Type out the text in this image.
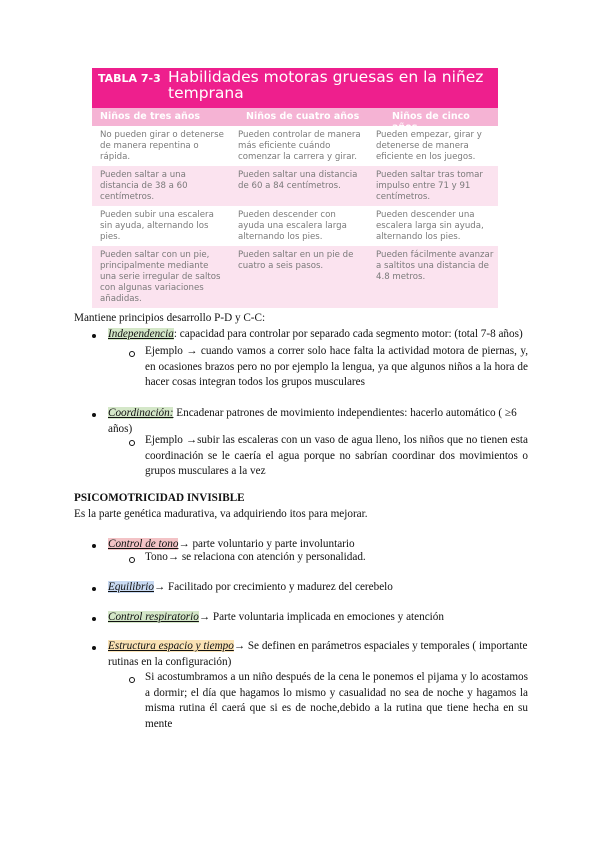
TABLA 7-3 Habilidades motoras gruesas en la niñez temprana
Niños de tres años	Niños de cuatro años	Niños de cinco años
No pueden girar o detenerse de manera repentina o rápida.
Pueden controlar de manera más eficiente cuándo comenzar la carrera y girar.
Pueden empezar, girar y detenerse de manera eficiente en los juegos.
Pueden saltar a una distancia de 38 a 60 centímetros.
Pueden saltar una distancia de 60 a 84 centímetros.
Pueden saltar tras tomar impulso entre 71 y 91 centímetros.
Pueden subir una escalera sin ayuda, alternando los pies.
Pueden descender con ayuda una escalera larga alternando los pies.
Pueden descender una escalera larga sin ayuda, alternando los pies.
Pueden saltar con un pie, principalmente mediante una serie irregular de saltos con algunas variaciones añadidas.
Pueden saltar en un pie de cuatro a seis pasos.
Pueden fácilmente avanzar a saltitos una distancia de 4.8 metros.
Mantiene principios desarrollo P-D y C-C:
Independencia: capacidad para controlar por separado cada segmento motor: (total 7-8 años)
Ejemplo → cuando vamos a correr solo hace falta la actividad motora de piernas, y, en ocasiones brazos pero no por ejemplo la lengua, ya que algunos niños a la hora de hacer cosas integran todos los grupos musculares
Coordinación: Encadenar patrones de movimiento independientes: hacerlo automático ( ≥6 años)
Ejemplo →subir las escaleras con un vaso de agua lleno, los niños que no tienen esta coordinación se le caería el agua porque no sabrían coordinar dos movimientos o grupos musculares a la vez
PSICOMOTRICIDAD INVISIBLE
Es la parte genética madurativa, va adquiriendo itos para mejorar.
Control de tono→ parte voluntario y parte involuntario
Tono→ se relaciona con atención y personalidad.
Equilibrio→ Facilitado por crecimiento y madurez del cerebelo
Control respiratorio→ Parte voluntaria implicada en emociones y atención
Estructura espacio y tiempo→ Se definen en parámetros espaciales y temporales ( importante rutinas en la configuración)
Si acostumbramos a un niño después de la cena le ponemos el pijama y lo acostamos a dormir; el día que hagamos lo mismo y casualidad no sea de noche y hagamos la misma rutina él caerá que si es de noche,debido a la rutina que tiene hecha en su mente
